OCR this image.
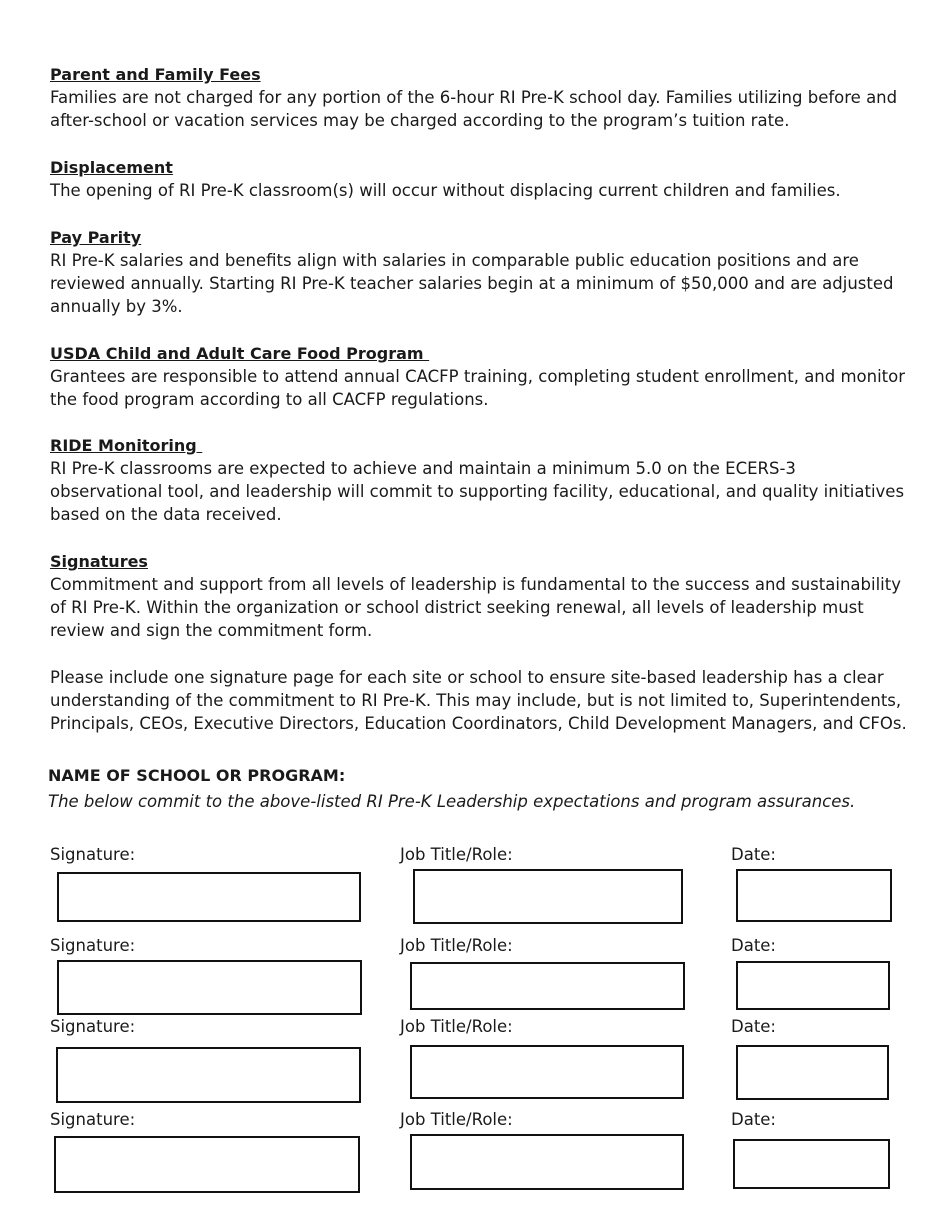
Parent and Family Fees

Families are not charged for any portion of the 6-hour RI Pre-K school day. Families utilizing before and after-school or vacation services may be charged according to the program’s tuition rate.

Displacement

The opening of RI Pre-K classroom(s) will occur without displacing current children and families.

Pay Parity

RI Pre-K salaries and benefits align with salaries in comparable public education positions and are reviewed annually. Starting RI Pre-K teacher salaries begin at a minimum of $50,000 and are adjusted annually by 3%.

USDA Child and Adult Care Food Program

Grantees are responsible to attend annual CACFP training, completing student enrollment, and monitor the food program according to all CACFP regulations.

RIDE Monitoring

RI Pre-K classrooms are expected to achieve and maintain a minimum 5.0 on the ECERS-3 observational tool, and leadership will commit to supporting facility, educational, and quality initiatives based on the data received.

Signatures

Commitment and support from all levels of leadership is fundamental to the success and sustainability of RI Pre-K. Within the organization or school district seeking renewal, all levels of leadership must review and sign the commitment form.

Please include one signature page for each site or school to ensure site-based leadership has a clear understanding of the commitment to RI Pre-K. This may include, but is not limited to, Superintendents, Principals, CEOs, Executive Directors, Education Coordinators, Child Development Managers, and CFOs.

NAME OF SCHOOL OR PROGRAM:
The below commit to the above-listed RI Pre-K Leadership expectations and program assurances.
Signature:	Job Title/Role:	Date:
Signature:	Job Title/Role:	Date:
Signature:	Job Title/Role:	Date:
Signature:	Job Title/Role:	Date:
